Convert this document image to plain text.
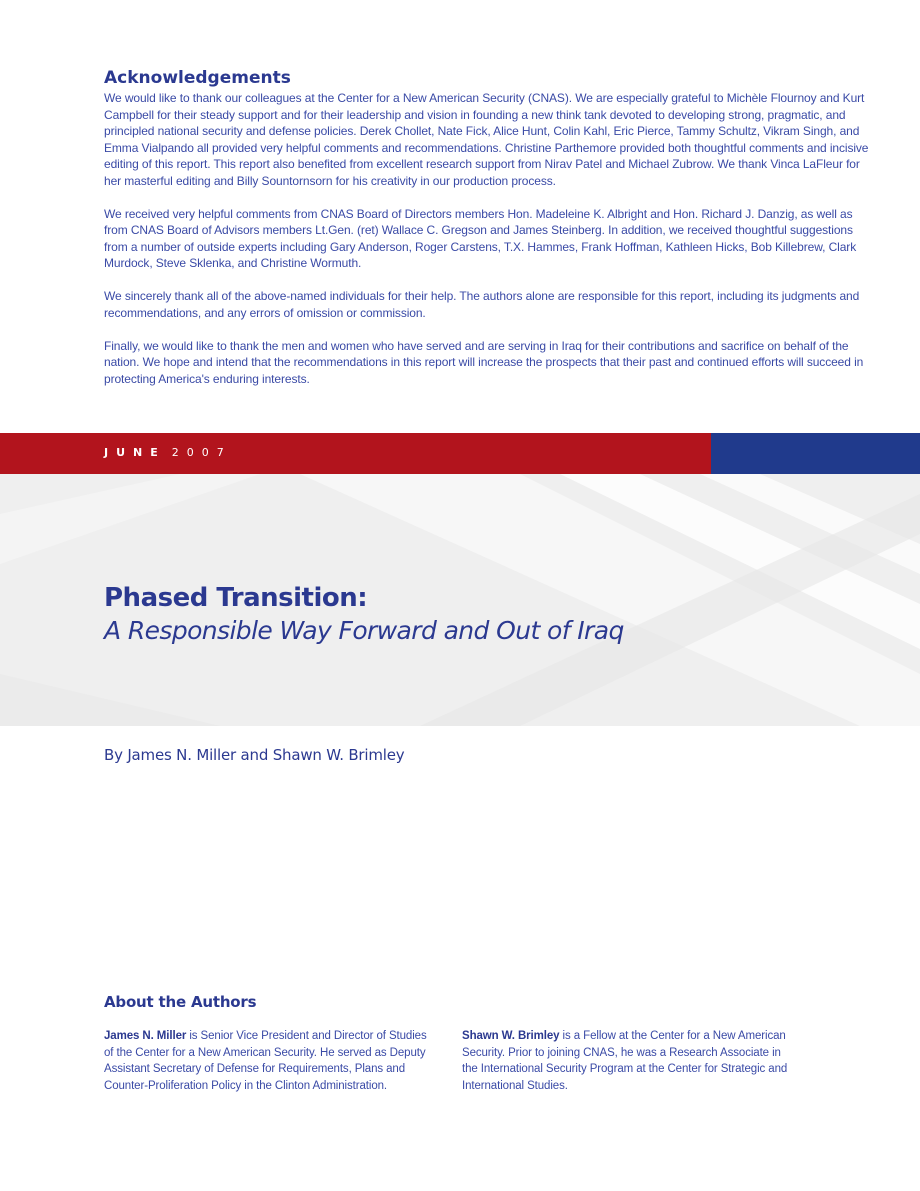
Acknowledgements

We would like to thank our colleagues at the Center for a New American Security (CNAS). We are especially grateful to Michèle Flournoy and Kurt Campbell for their steady support and for their leadership and vision in founding a new think tank devoted to developing strong, pragmatic, and principled national security and defense policies. Derek Chollet, Nate Fick, Alice Hunt, Colin Kahl, Eric Pierce, Tammy Schultz, Vikram Singh, and Emma Vialpando all provided very helpful comments and recommendations. Christine Parthemore provided both thoughtful comments and incisive editing of this report. This report also benefited from excellent research support from Nirav Patel and Michael Zubrow. We thank Vinca LaFleur for her masterful editing and Billy Sountornsorn for his creativity in our production process.

We received very helpful comments from CNAS Board of Directors members Hon. Madeleine K. Albright and Hon. Richard J. Danzig, as well as from CNAS Board of Advisors members Lt.Gen. (ret) Wallace C. Gregson and James Steinberg. In addition, we received thoughtful suggestions from a number of outside experts including Gary Anderson, Roger Carstens, T.X. Hammes, Frank Hoffman, Kathleen Hicks, Bob Killebrew, Clark Murdock, Steve Sklenka, and Christine Wormuth.

We sincerely thank all of the above-named individuals for their help. The authors alone are responsible for this report, including its judgments and recommendations, and any errors of omission or commission.

Finally, we would like to thank the men and women who have served and are serving in Iraq for their contributions and sacrifice on behalf of the nation. We hope and intend that the recommendations in this report will increase the prospects that their past and continued efforts will succeed in protecting America's enduring interests.

JUNE 2007
Phased Transition:
A Responsible Way Forward and Out of Iraq
By James N. Miller and Shawn W. Brimley
About the Authors
James N. Miller is Senior Vice President and Director of Studies of the Center for a New American Security. He served as Deputy Assistant Secretary of Defense for Requirements, Plans and Counter-Proliferation Policy in the Clinton Administration.
Shawn W. Brimley is a Fellow at the Center for a New American Security. Prior to joining CNAS, he was a Research Associate in the International Security Program at the Center for Strategic and International Studies.
